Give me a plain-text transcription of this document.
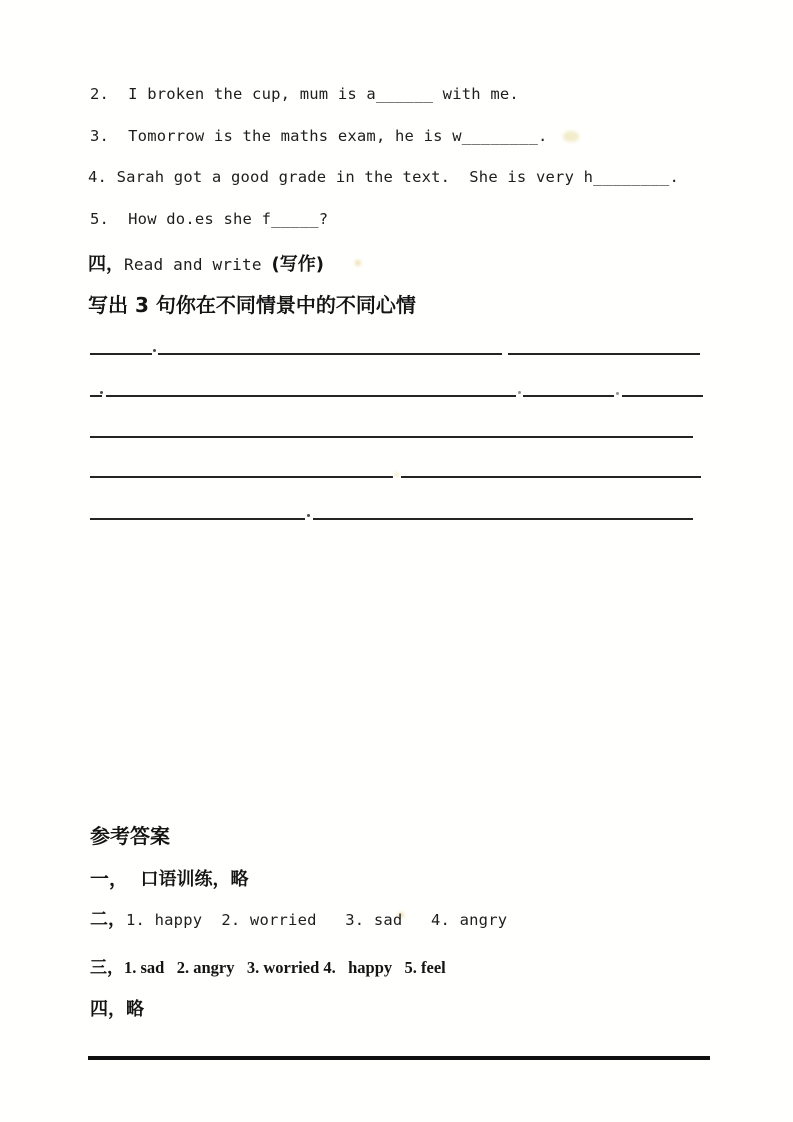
2.  I broken the cup, mum is a______ with me.
3.  Tomorrow is the maths exam, he is w________.
4. Sarah got a good grade in the text.  She is very h________.
5.  How do.es she f_____?
四，Read and write (写作)
写出 3 句你在不同情景中的不同心情
参考答案
一，  口语训练，略
二，1. happy  2. worried   3. sad   4. angry
三，1. sad   2. angry   3. worried 4.   happy   5. feel
四，略
